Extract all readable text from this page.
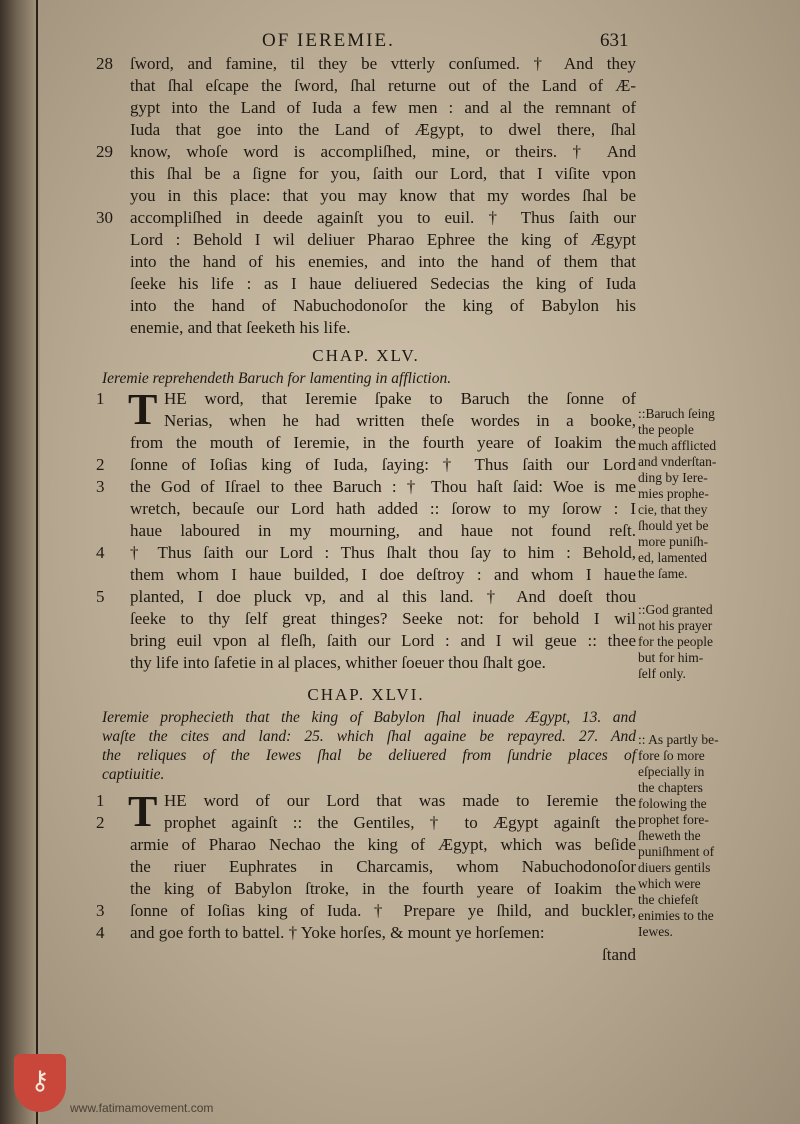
OF IEREMIE.	631
28 ſword, and famine, til they be vtterly conſumed. † And they
that ſhal eſcape the ſword, ſhal returne out of the Land of Æ-
gypt into the Land of Iuda a few men : and al the remnant of
Iuda that goe into the Land of Ægypt, to dwel there, ſhal
29 know, whoſe word is accompliſhed, mine, or theirs. † And
this ſhal be a ſigne for you, ſaith our Lord, that I viſite vpon
you in this place: that you may know that my wordes ſhal be
30 accompliſhed in deede againſt you to euil. † Thus ſaith our
Lord : Behold I wil deliuer Pharao Ephree the king of Ægypt
into the hand of his enemies, and into the hand of them that
ſeeke his life : as I haue deliuered Sedecias the king of Iuda
into the hand of Nabuchodonoſor the king of Babylon his
enemie, and that ſeeketh his life.
CHAP. XLV.
Ieremie reprehendeth Baruch for lamenting in affliction.
T
1	HE word, that Ieremie ſpake to Baruch the ſonne of
Nerias, when he had written theſe wordes in a booke,
from the mouth of Ieremie, in the fourth yeare of Ioakim the
2	ſonne of Ioſias king of Iuda, ſaying: † Thus ſaith our Lord
3	the God of Iſrael to thee Baruch : † Thou haſt ſaid: Woe is me
wretch, becauſe our Lord hath added :: ſorow to my ſorow : I
haue laboured in my mourning, and haue not found reſt.
4	† Thus ſaith our Lord : Thus ſhalt thou ſay to him : Behold,
them whom I haue builded, I doe deſtroy : and whom I haue
5	planted, I doe pluck vp, and al this land. † And doeſt thou
ſeeke to thy ſelf great thinges? Seeke not: for behold I wil
bring euil vpon al fleſh, ſaith our Lord : and I wil geue :: thee
thy life into ſafetie in al places, whither ſoeuer thou ſhalt goe.
CHAP. XLVI.
Ieremie prophecieth that the king of Babylon ſhal inuade Ægypt, 13. and
waſte the cites and land: 25. which ſhal againe be repayred. 27. And
the reliques of the Iewes ſhal be deliuered from ſundrie places of
captiuitie.
T
1	HE word of our Lord that was made to Ieremie the
2	prophet againſt :: the Gentiles, † to Ægypt againſt the
armie of Pharao Nechao the king of Ægypt, which was beſide
the riuer Euphrates in Charcamis, whom Nabuchodonoſor
the king of Babylon ſtroke, in the fourth yeare of Ioakim the
3	ſonne of Ioſias king of Iuda. † Prepare ye ſhild, and buckler,
4	and goe forth to battel. † Yoke horſes, & mount ye horſemen:
ſtand
::Baruch ſeing
the people
much afflicted
and vnderſtan-
ding by Iere-
mies prophe-
cie, that they
ſhould yet be
more puniſh-
ed, lamented
the ſame.
::God granted
not his prayer
for the people
but for him-
ſelf only.
:: As partly be-
fore ſo more
eſpecially in
the chapters
folowing the
prophet fore-
ſheweth the
puniſhment of
diuers gentils
which were
the chiefeſt
enimies to the
Iewes.
⚷
www.fatimamovement.com
